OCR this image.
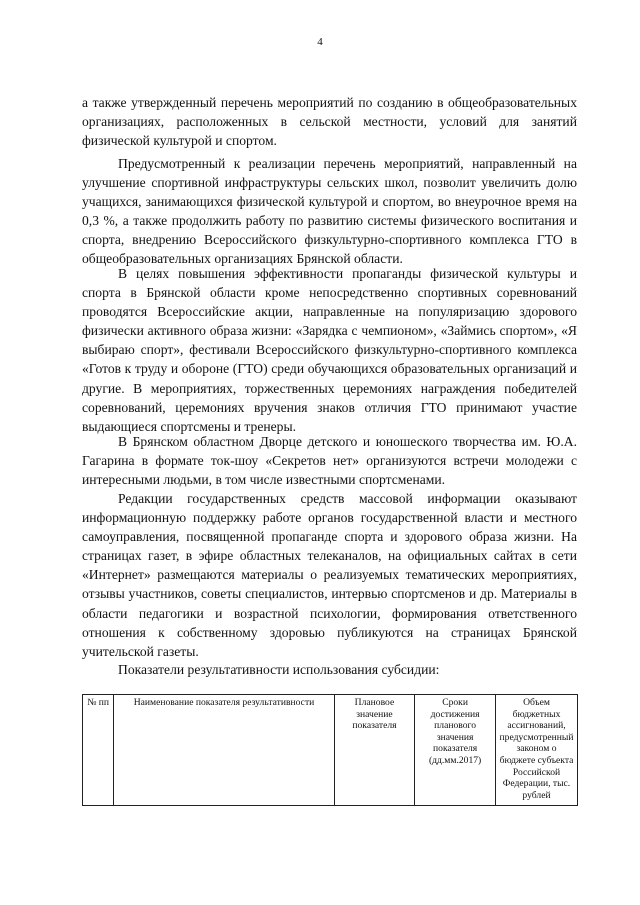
4

а также утвержденный перечень мероприятий по созданию в общеобразовательных организациях, расположенных в сельской местности, условий для занятий физической культурой и спортом.

Предусмотренный к реализации перечень мероприятий, направленный на улучшение спортивной инфраструктуры сельских школ, позволит увеличить долю учащихся, занимающихся физической культурой и спортом, во внеурочное время на 0,3 %, а также продолжить работу по развитию системы физического воспитания и спорта, внедрению Всероссийского физкультурно-спортивного комплекса ГТО в общеобразовательных организациях Брянской области.

В целях повышения эффективности пропаганды физической культуры и спорта в Брянской области кроме непосредственно спортивных соревнований проводятся Всероссийские акции, направленные на популяризацию здорового физически активного образа жизни: «Зарядка с чемпионом», «Займись спортом», «Я выбираю спорт», фестивали Всероссийского физкультурно-спортивного комплекса «Готов к труду и обороне (ГТО) среди обучающихся образовательных организаций и другие. В мероприятиях, торжественных церемониях награждения победителей соревнований, церемониях вручения знаков отличия ГТО принимают участие выдающиеся спортсмены и тренеры.

В Брянском областном Дворце детского и юношеского творчества им. Ю.А. Гагарина в формате ток-шоу «Секретов нет» организуются встречи молодежи с интересными людьми, в том числе известными спортсменами.

Редакции государственных средств массовой информации оказывают информационную поддержку работе органов государственной власти и местного самоуправления, посвященной пропаганде спорта и здорового образа жизни. На страницах газет, в эфире областных телеканалов, на официальных сайтах в сети «Интернет» размещаются материалы о реализуемых тематических мероприятиях, отзывы участников, советы специалистов, интервью спортсменов и др. Материалы в области педагогики и возрастной психологии, формирования ответственного отношения к собственному здоровью публикуются на страницах Брянской учительской газеты.

Показатели результативности использования субсидии:

№ пп	Наименование показателя результативности	Плановое значение показателя	Сроки достижения планового значения показателя (дд.мм.2017)	Объем бюджетных ассигнований, предусмотренный законом о бюджете субъекта Российской Федерации, тыс. рублей
